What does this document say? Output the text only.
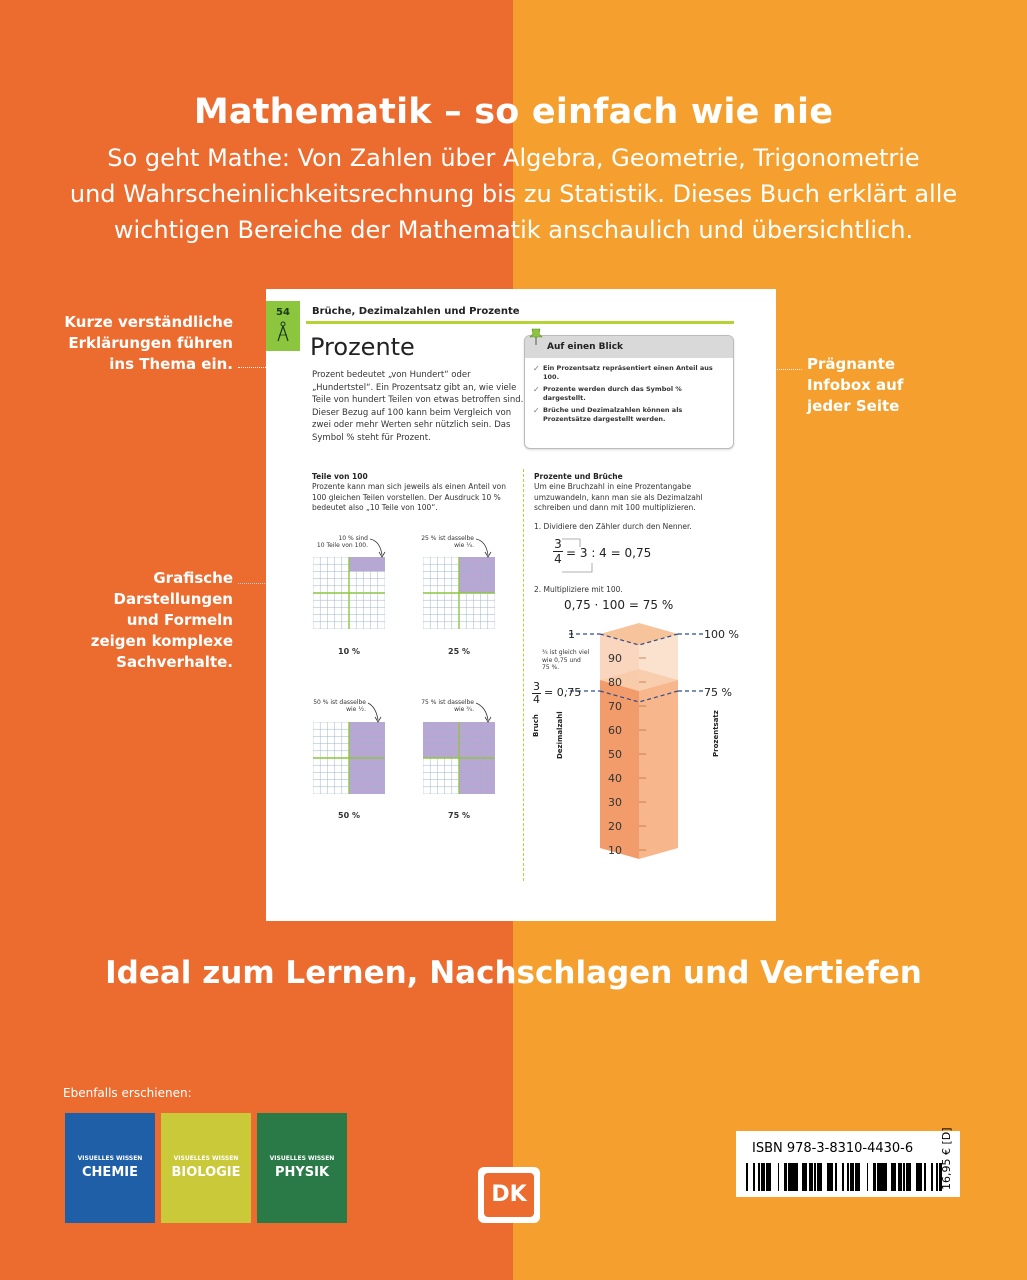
Mathematik – so einfach wie nie
So geht Mathe: Von Zahlen über Algebra, Geometrie, Trigonometrie
und Wahrscheinlichkeitsrechnung bis zu Statistik. Dieses Buch erklärt alle
wichtigen Bereiche der Mathematik anschaulich und übersichtlich.
Kurze verständliche
Erklärungen führen
ins Thema ein.
Grafische
Darstellungen
und Formeln
zeigen komplexe
Sachverhalte.
Prägnante
Infobox auf
jeder Seite
54	Brüche, Dezimalzahlen und Prozente
Prozente
Prozent bedeutet „von Hundert“ oder „Hundertstel“. Ein Prozentsatz gibt an, wie viele Teile von hundert Teilen von etwas betroffen sind. Dieser Bezug auf 100 kann beim Vergleich von zwei oder mehr Werten sehr nützlich sein. Das Symbol % steht für Prozent.
Auf einen Blick
✓ Ein Prozentsatz repräsentiert einen Anteil aus 100.
✓ Prozente werden durch das Symbol % dargestellt.
✓ Brüche und Dezimalzahlen können als Prozentsätze dargestellt werden.
Teile von 100
Prozente kann man sich jeweils als einen Anteil von 100 gleichen Teilen vorstellen. Der Ausdruck 10 % bedeutet also „10 Teile von 100“.
10 % sind
10 Teile von 100.
25 % ist dasselbe
wie ¼.
50 % ist dasselbe
wie ½.
75 % ist dasselbe
wie ¾.
10 %	25 %
50 %	75 %
Prozente und Brüche
Um eine Bruchzahl in eine Prozentangabe umzuwandeln, kann man sie als Dezimalzahl schreiben und dann mit 100 multiplizieren.
1. Dividiere den Zähler durch den Nenner.
$\frac{3}{4} = 3$ : 4 = 0,75
2. Multipliziere mit 100.
0,75 · 100 = 75 %
90
80
70
60
50
40
30
20
10
1	100 %
¾ ist gleich viel
wie 0,75 und
75 %.
$\frac{3}{4} = 0,75$	75 %
Bruch Dezimalzahl	Prozentsatz
Ideal zum Lernen, Nachschlagen und Vertiefen
Ebenfalls erschienen:
VISUELLES WISSEN
CHEMIE
VISUELLES WISSEN
BIOLOGIE
VISUELLES WISSEN
PHYSIK
DK
ISBN 978-3-8310-4430-6 16,95 € [D]
